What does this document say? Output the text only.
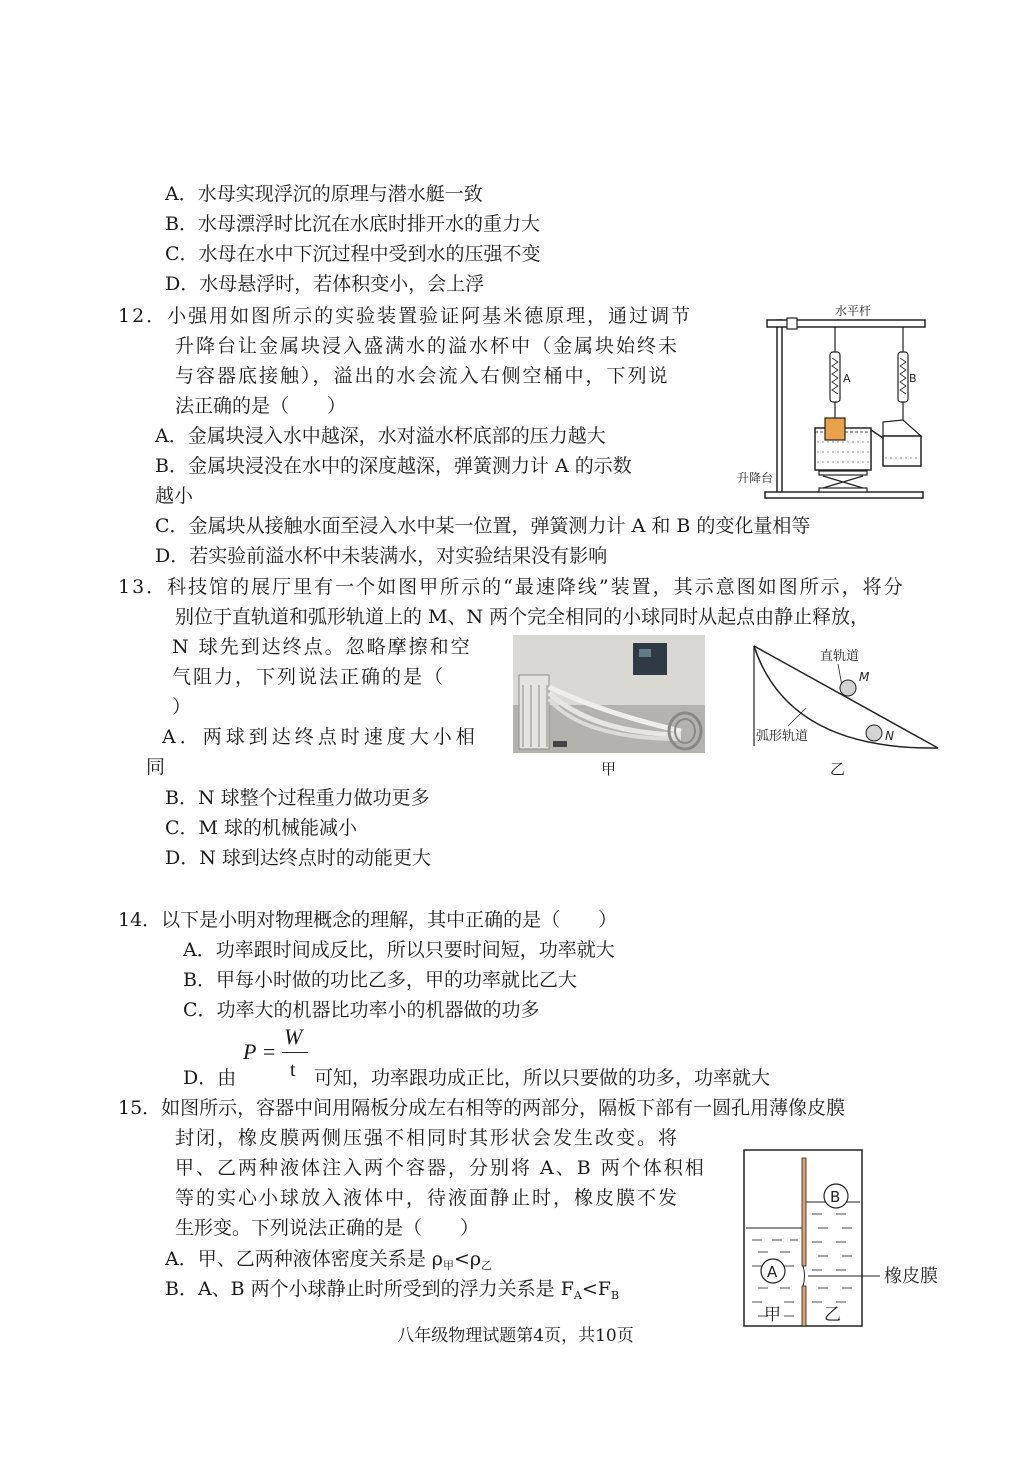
A．水母实现浮沉的原理与潜水艇一致
B．水母漂浮时比沉在水底时排开水的重力大
C．水母在水中下沉过程中受到水的压强不变
D．水母悬浮时，若体积变小，会上浮
12．小强用如图所示的实验装置验证阿基米德原理，通过调节
升降台让金属块浸入盛满水的溢水杯中（金属块始终未
与容器底接触），溢出的水会流入右侧空桶中，下列说
法正确的是（　　）
A．金属块浸入水中越深，水对溢水杯底部的压力越大
B．金属块浸没在水中的深度越深，弹簧测力计 A 的示数
越小
C．金属块从接触水面至浸入水中某一位置，弹簧测力计 A 和 B 的变化量相等
D．若实验前溢水杯中未装满水，对实验结果没有影响
水平杆
A	B
升降台
13．科技馆的展厅里有一个如图甲所示的“最速降线”装置，其示意图如图所示，将分
别位于直轨道和弧形轨道上的 M、N 两个完全相同的小球同时从起点由静止释放，
N 球先到达终点。忽略摩擦和空
气阻力，下列说法正确的是（
）
A．两球到达终点时速度大小相
同
B．N 球整个过程重力做功更多
C．M 球的机械能减小
D．N 球到达终点时的动能更大
甲
直轨道
M
弧形轨道	N
乙
14．以下是小明对物理概念的理解，其中正确的是（　　）
A．功率跟时间成反比，所以只要时间短，功率就大
B．甲每小时做的功比乙多，甲的功率就比乙大
C．功率大的机器比功率小的机器做的功多
P =
W
t
D．由	可知，功率跟功成正比，所以只要做的功多，功率就大
15．如图所示，容器中间用隔板分成左右相等的两部分，隔板下部有一圆孔用薄像皮膜
封闭，橡皮膜两侧压强不相同时其形状会发生改变。将
甲、乙两种液体注入两个容器，分别将 A、B 两个体积相
等的实心小球放入液体中，待液面静止时，橡皮膜不发
生形变。下列说法正确的是（　　）
A．甲、乙两种液体密度关系是 $\rho_甲<\rho_乙$
B．A、B 两个小球静止时所受到的浮力关系是 $F_A<F_B$
A
B
甲	乙
橡皮膜
八年级物理试题第4页，共10页
